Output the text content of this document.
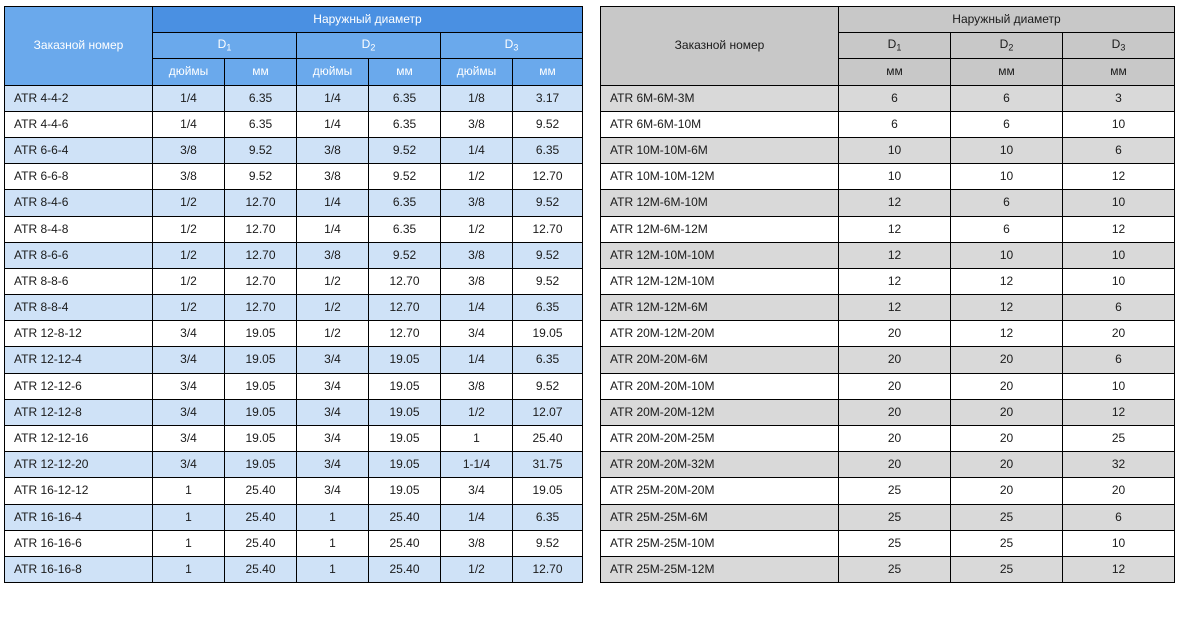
Заказной номер	Наружный диаметр					
	$D_1$		$D_2$		$D_3$
	дюймы	мм	дюймы	мм	дюймы	мм
ATR 4-4-2	1/4	6.35	1/4	6.35	1/8	3.17
ATR 4-4-6	1/4	6.35	1/4	6.35	3/8	9.52
ATR 6-6-4	3/8	9.52	3/8	9.52	1/4	6.35
ATR 6-6-8	3/8	9.52	3/8	9.52	1/2	12.70
ATR 8-4-6	1/2	12.70	1/4	6.35	3/8	9.52
ATR 8-4-8	1/2	12.70	1/4	6.35	1/2	12.70
ATR 8-6-6	1/2	12.70	3/8	9.52	3/8	9.52
ATR 8-8-6	1/2	12.70	1/2	12.70	3/8	9.52
ATR 8-8-4	1/2	12.70	1/2	12.70	1/4	6.35
ATR 12-8-12	3/4	19.05	1/2	12.70	3/4	19.05
ATR 12-12-4	3/4	19.05	3/4	19.05	1/4	6.35
ATR 12-12-6	3/4	19.05	3/4	19.05	3/8	9.52
ATR 12-12-8	3/4	19.05	3/4	19.05	1/2	12.07
ATR 12-12-16	3/4	19.05	3/4	19.05	1	25.40
ATR 12-12-20	3/4	19.05	3/4	19.05	1-1/4	31.75
ATR 16-12-12	1	25.40	3/4	19.05	3/4	19.05
ATR 16-16-4	1	25.40	1	25.40	1/4	6.35
ATR 16-16-6	1	25.40	1	25.40	3/8	9.52
ATR 16-16-8	1	25.40	1	25.40	1/2	12.70
Заказной номер	Наружный диаметр		
	$D_1$	$D_2$	$D_3$
	мм	мм	мм
ATR 6M-6M-3M	6	6	3
ATR 6M-6M-10M	6	6	10
ATR 10M-10M-6M	10	10	6
ATR 10M-10M-12M	10	10	12
ATR 12M-6M-10M	12	6	10
ATR 12M-6M-12M	12	6	12
ATR 12M-10M-10M	12	10	10
ATR 12M-12M-10M	12	12	10
ATR 12M-12M-6M	12	12	6
ATR 20M-12M-20M	20	12	20
ATR 20M-20M-6M	20	20	6
ATR 20M-20M-10M	20	20	10
ATR 20M-20M-12M	20	20	12
ATR 20M-20M-25M	20	20	25
ATR 20M-20M-32M	20	20	32
ATR 25M-20M-20M	25	20	20
ATR 25M-25M-6M	25	25	6
ATR 25M-25M-10M	25	25	10
ATR 25M-25M-12M	25	25	12
